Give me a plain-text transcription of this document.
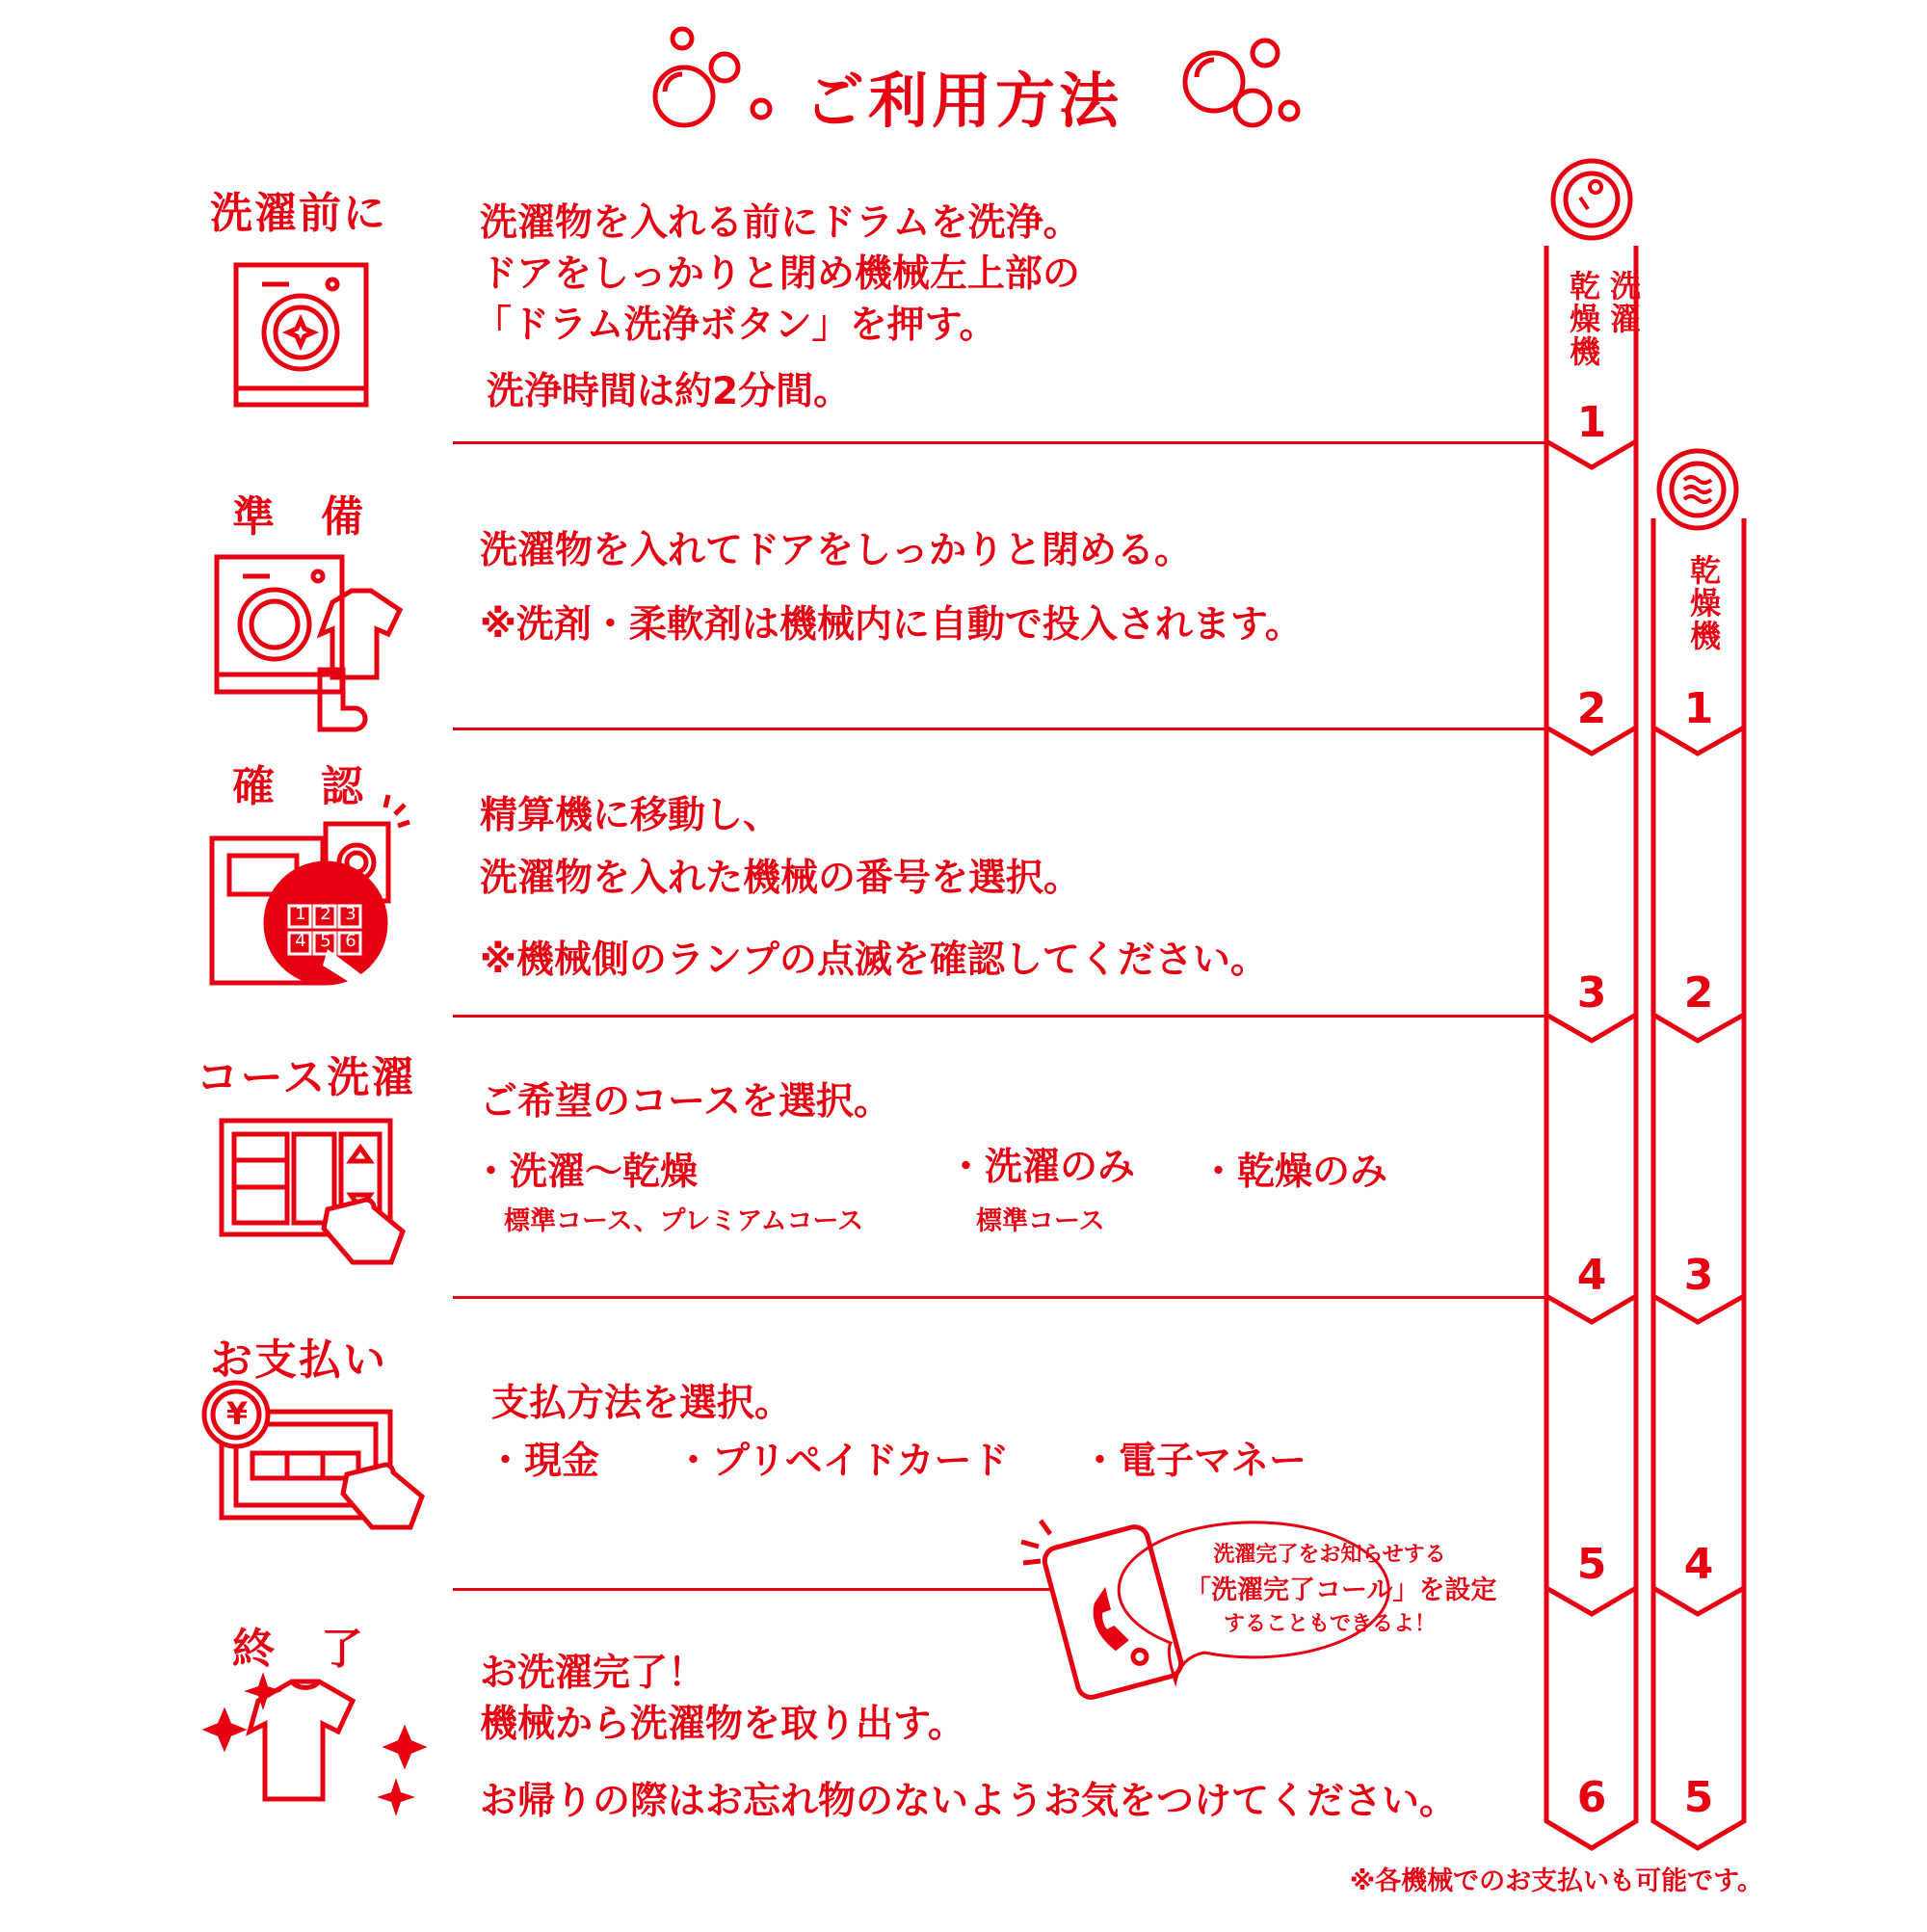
¥
1 2 3
4 5 6
ご利用方法
洗濯前に
準　備
確　認
コース洗濯
お支払い
終　了
洗濯物を入れる前にドラムを洗浄。
ドアをしっかりと閉め機械左上部の
「ドラム洗浄ボタン」を押す。
洗浄時間は約2分間。
洗濯物を入れてドアをしっかりと閉める。
※洗剤・柔軟剤は機械内に自動で投入されます。
精算機に移動し、
洗濯物を入れた機械の番号を選択。
※機械側のランプの点滅を確認してください。
ご希望のコースを選択。
・洗濯～乾燥
標準コース、プレミアムコース
・洗濯のみ
標準コース
・乾燥のみ
支払方法を選択。
・現金 ・プリペイドカード ・電子マネー
洗濯完了をお知らせする
「洗濯完了コール」を設定
することもできるよ！
お洗濯完了！
機械から洗濯物を取り出す。
お帰りの際はお忘れ物のないようお気をつけてください。
洗濯
乾燥機
乾燥機
1
2
3
4
5
6
1
2
3
4
5
※各機械でのお支払いも可能です。
